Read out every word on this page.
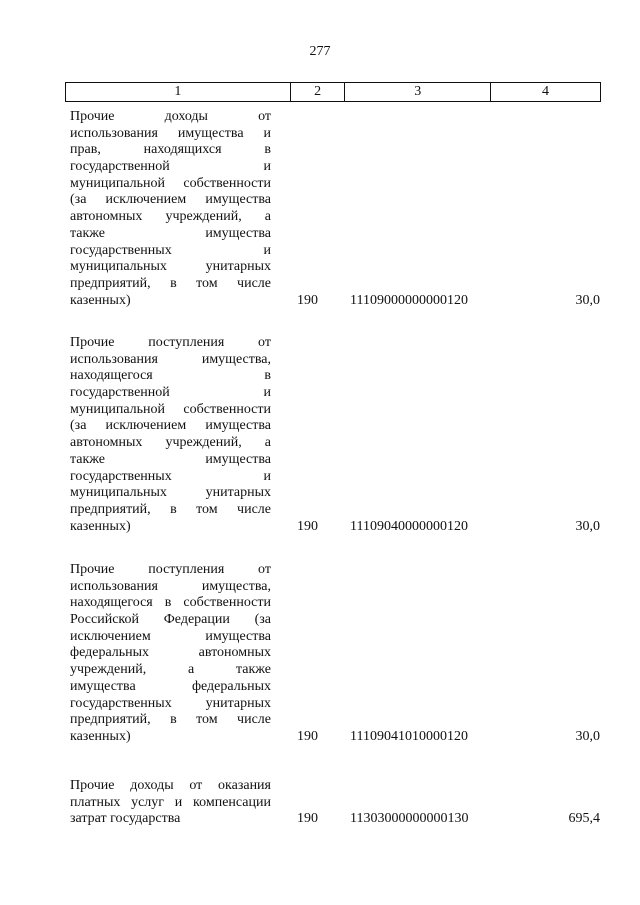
277
1	2	3	4
Прочие доходы от
использования имущества и
прав, находящихся в
государственной и
муниципальной собственности
(за исключением имущества
автономных учреждений, а
также имущества
государственных и
муниципальных унитарных
предприятий, в том числе
казенных)	190 11109000000000120	30,0
Прочие поступления от
использования имущества,
находящегося в
государственной и
муниципальной собственности
(за исключением имущества
автономных учреждений, а
также имущества
государственных и
муниципальных унитарных
предприятий, в том числе
казенных)	190 11109040000000120	30,0
Прочие поступления от
использования имущества,
находящегося в собственности
Российской Федерации (за
исключением имущества
федеральных автономных
учреждений, а также
имущества федеральных
государственных унитарных
предприятий, в том числе
казенных)	190 11109041010000120	30,0
Прочие доходы от оказания
платных услуг и компенсации
затрат государства	190 11303000000000130	695,4
